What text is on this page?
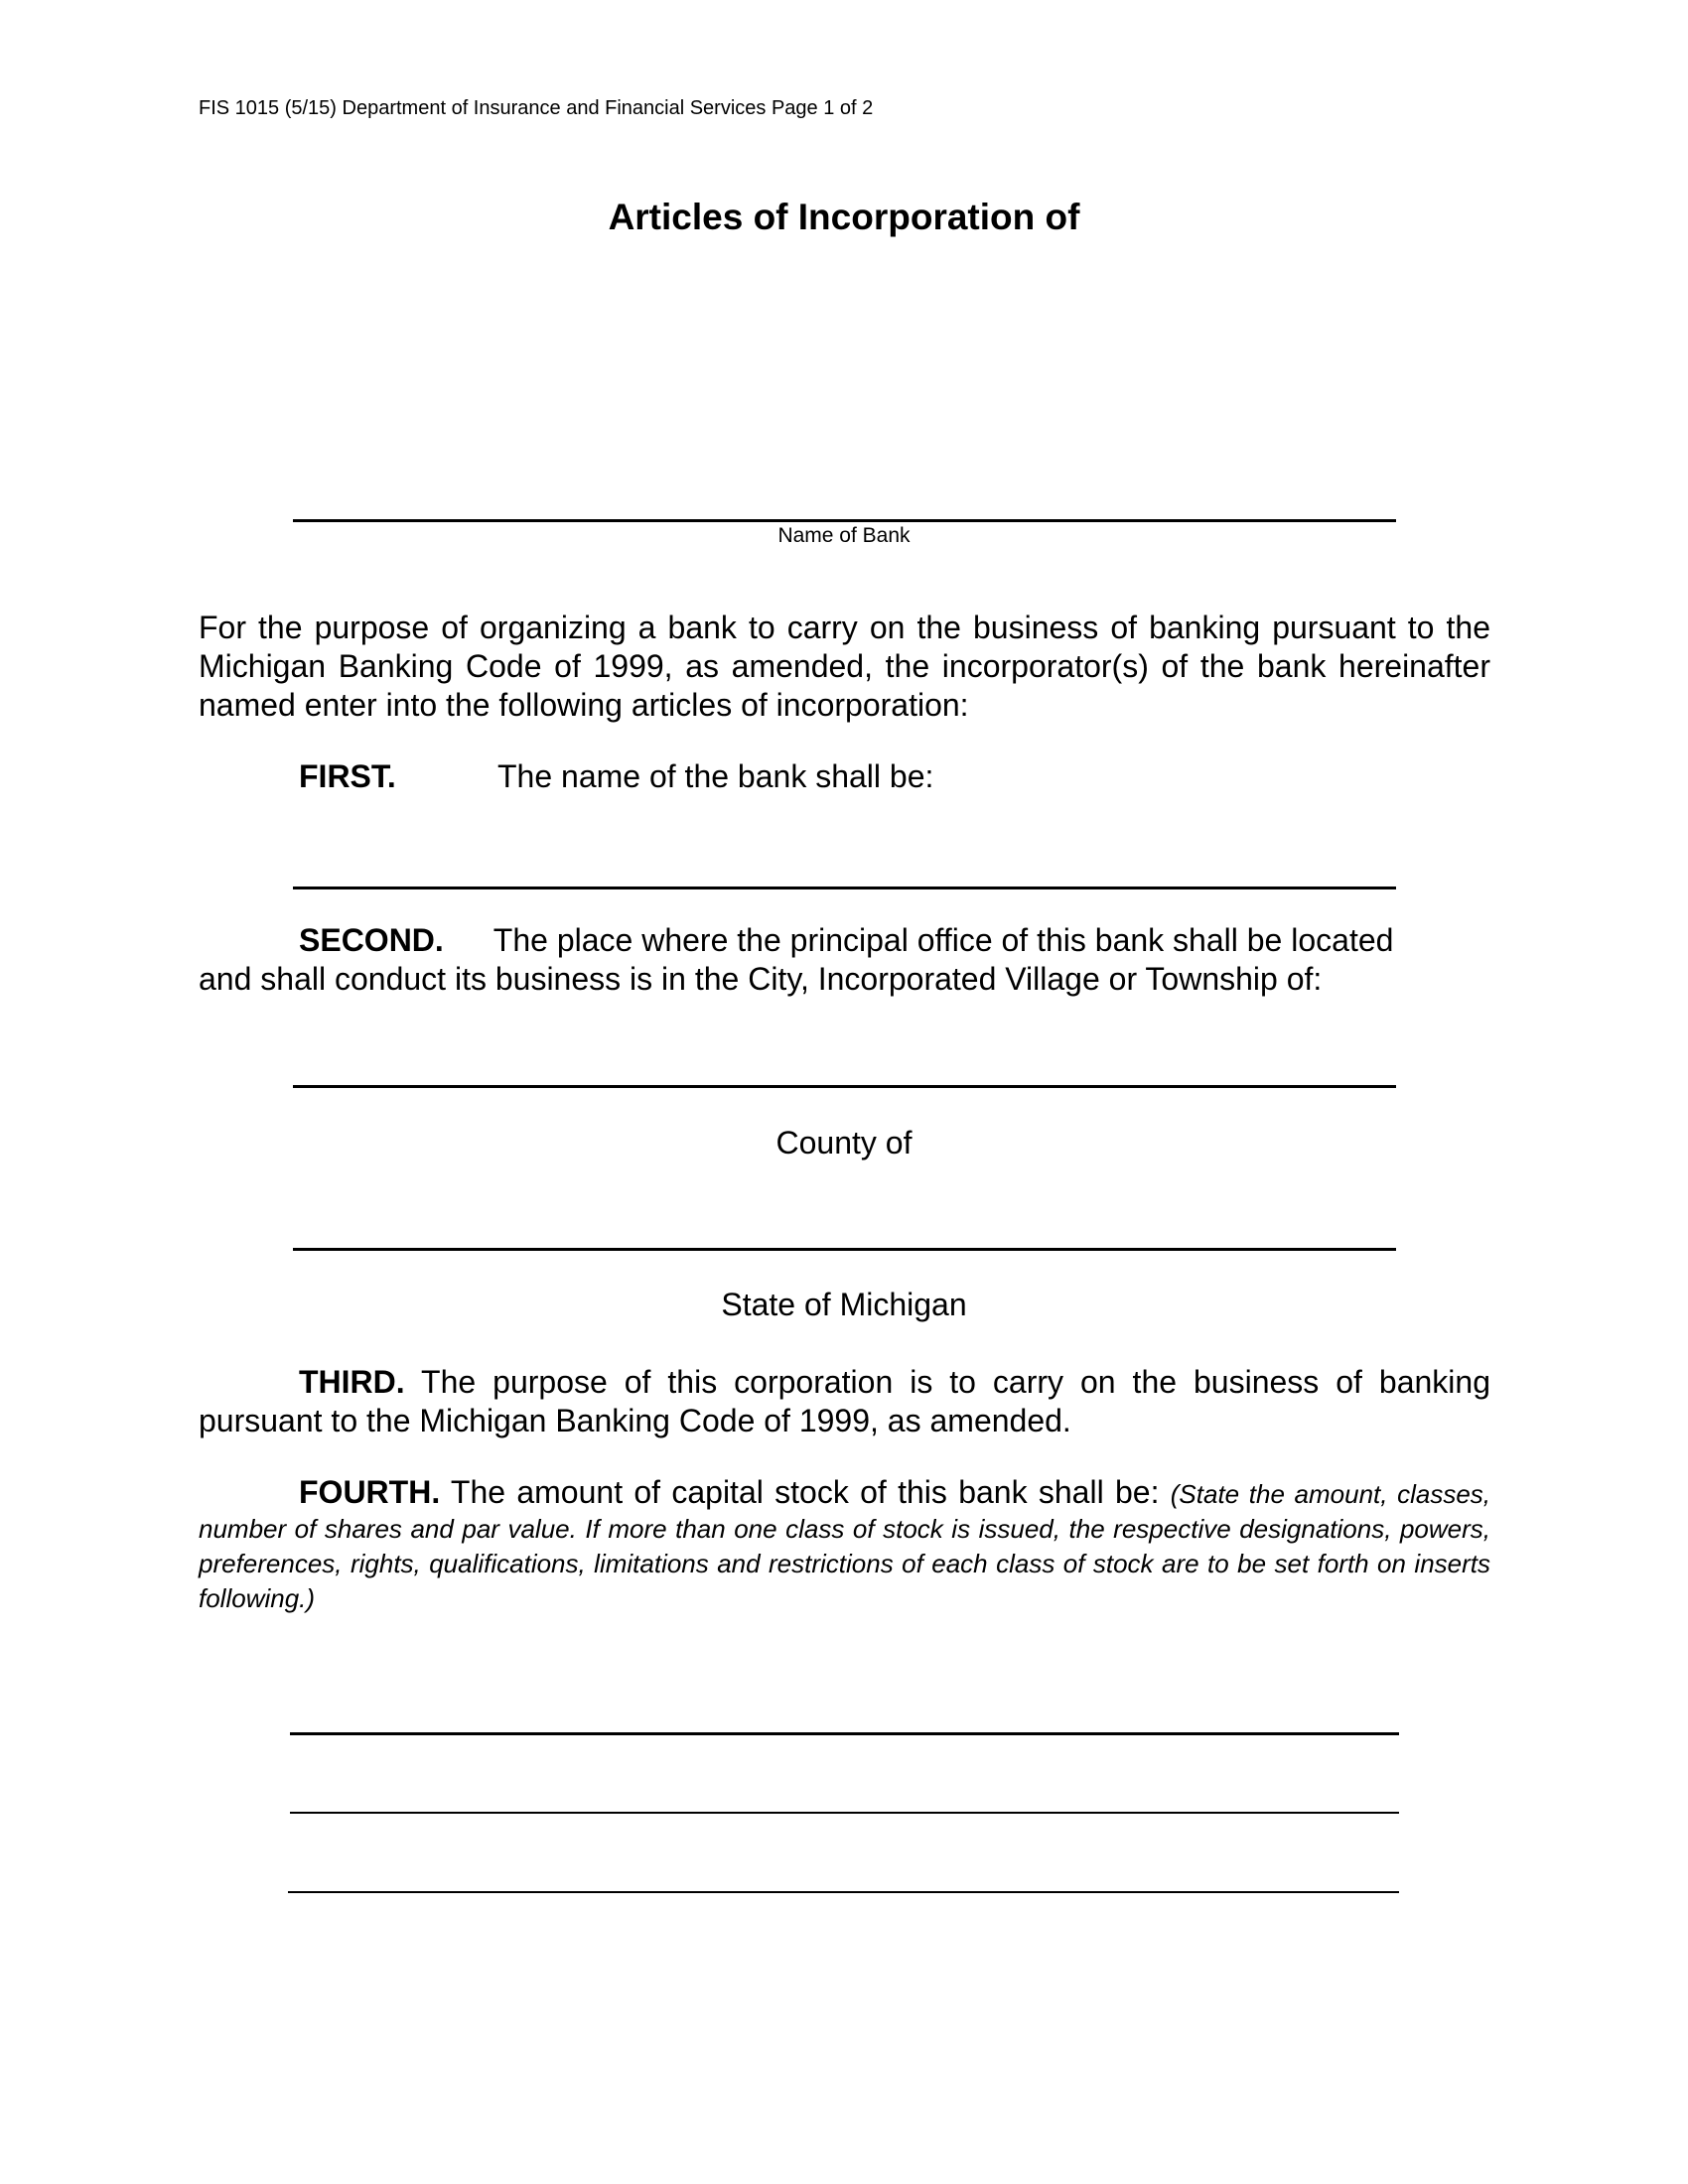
FIS 1015 (5/15) Department of Insurance and Financial Services Page 1 of 2
Articles of Incorporation of
Name of Bank
For the purpose of organizing a bank to carry on the business of banking pursuant to the Michigan Banking Code of 1999, as amended, the incorporator(s) of the bank hereinafter named enter into the following articles of incorporation:
FIRST.	The name of the bank shall be:
SECOND. The place where the principal office of this bank shall be located
and shall conduct its business is in the City, Incorporated Village or Township of:
County of
State of Michigan
THIRD. The purpose of this corporation is to carry on the business of banking pursuant to the Michigan Banking Code of 1999, as amended.
FOURTH. The amount of capital stock of this bank shall be: (State the amount, classes, number of shares and par value. If more than one class of stock is issued, the respective designations, powers, preferences, rights, qualifications, limitations and restrictions of each class of stock are to be set forth on inserts following.)
